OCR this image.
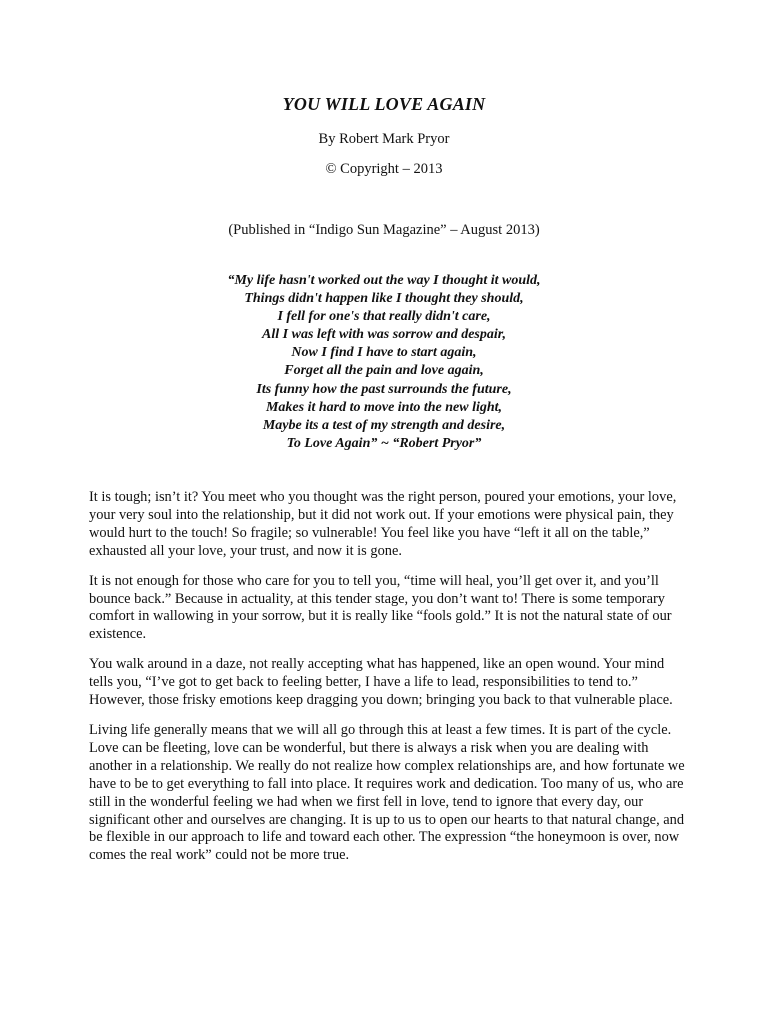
YOU WILL LOVE AGAIN
By Robert Mark Pryor
© Copyright – 2013
(Published in “Indigo Sun Magazine” – August 2013)
“My life hasn't worked out the way I thought it would,
Things didn't happen like I thought they should,
I fell for one's that really didn't care,
All I was left with was sorrow and despair,
Now I find I have to start again,
Forget all the pain and love again,
Its funny how the past surrounds the future,
Makes it hard to move into the new light,
Maybe its a test of my strength and desire,
To Love Again” ~ “Robert Pryor”

It is tough; isn’t it? You meet who you thought was the right person, poured your emotions, your love, your very soul into the relationship, but it did not work out. If your emotions were physical pain, they would hurt to the touch! So fragile; so vulnerable! You feel like you have “left it all on the table,” exhausted all your love, your trust, and now it is gone.

It is not enough for those who care for you to tell you, “time will heal, you’ll get over it, and you’ll bounce back.” Because in actuality, at this tender stage, you don’t want to! There is some temporary comfort in wallowing in your sorrow, but it is really like “fools gold.” It is not the natural state of our existence.

You walk around in a daze, not really accepting what has happened, like an open wound. Your mind tells you, “I’ve got to get back to feeling better, I have a life to lead, responsibilities to tend to.” However, those frisky emotions keep dragging you down; bringing you back to that vulnerable place.

Living life generally means that we will all go through this at least a few times. It is part of the cycle. Love can be fleeting, love can be wonderful, but there is always a risk when you are dealing with another in a relationship. We really do not realize how complex relationships are, and how fortunate we have to be to get everything to fall into place. It requires work and dedication. Too many of us, who are still in the wonderful feeling we had when we first fell in love, tend to ignore that every day, our significant other and ourselves are changing. It is up to us to open our hearts to that natural change, and be flexible in our approach to life and toward each other. The expression “the honeymoon is over, now comes the real work” could not be more true.
